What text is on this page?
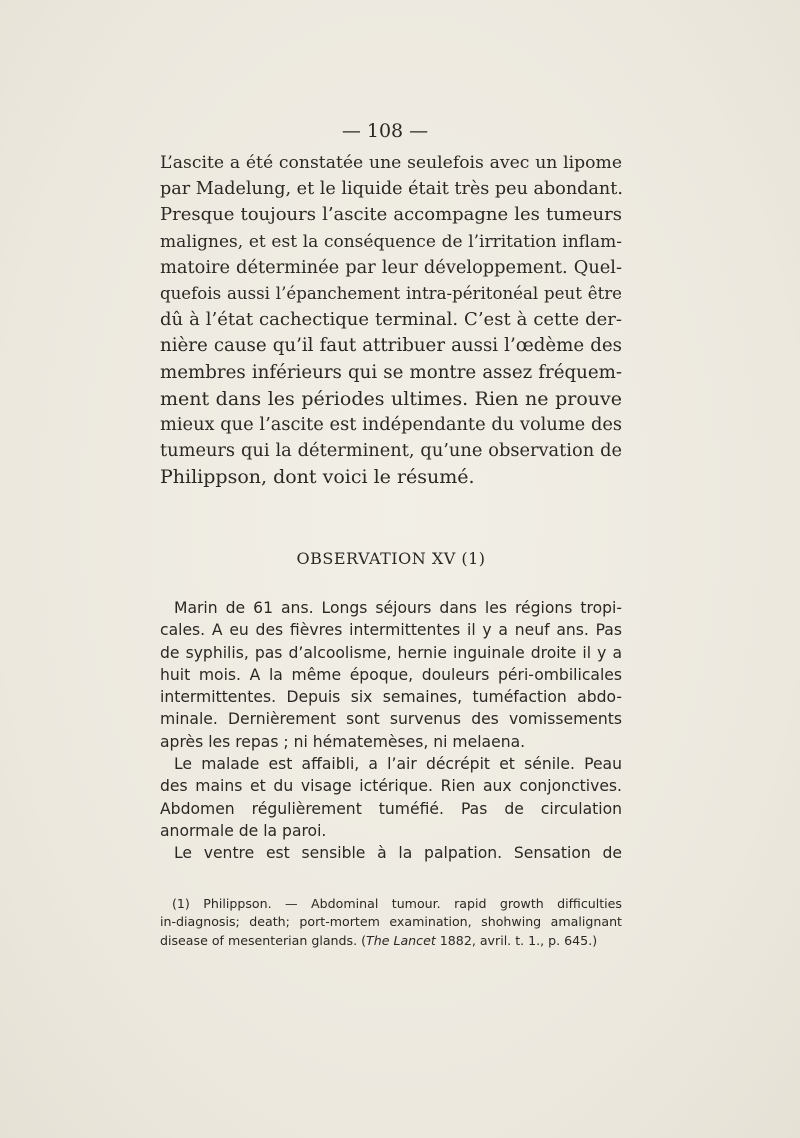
— 108 —
L’ascite a été constatée une seulefois avec un lipome
par Madelung, et le liquide était très peu abondant.
Presque toujours l’ascite accompagne les tumeurs
malignes, et est la conséquence de l’irritation inflam-
matoire déterminée par leur développement. Quel-
quefois aussi l’épanchement intra-péritonéal peut être
dû à l’état cachectique terminal. C’est à cette der-
nière cause qu’il faut attribuer aussi l’œdème des
membres inférieurs qui se montre assez fréquem-
ment dans les périodes ultimes. Rien ne prouve
mieux que l’ascite est indépendante du volume des
tumeurs qui la déterminent, qu’une observation de
Philippson, dont voici le résumé.
OBSERVATION XV (1)
Marin de 61 ans. Longs séjours dans les régions tropi-
cales. A eu des fièvres intermittentes il y a neuf ans. Pas
de syphilis, pas d’alcoolisme, hernie inguinale droite il y a
huit mois. A la même époque, douleurs péri-ombilicales
intermittentes. Depuis six semaines, tuméfaction abdo-
minale. Dernièrement sont survenus des vomissements
après les repas ; ni hématemèses, ni melaena.
Le malade est affaibli, a l’air décrépit et sénile. Peau
des mains et du visage ictérique. Rien aux conjonctives.
Abdomen régulièrement tuméfié. Pas de circulation
anormale de la paroi.
Le ventre est sensible à la palpation. Sensation de
(1) Philippson. — Abdominal tumour. rapid growth difficulties
in-diagnosis; death; port-mortem examination, shohwing amalignant
disease of mesenterian glands. (The Lancet 1882, avril. t. 1., p. 645.)
